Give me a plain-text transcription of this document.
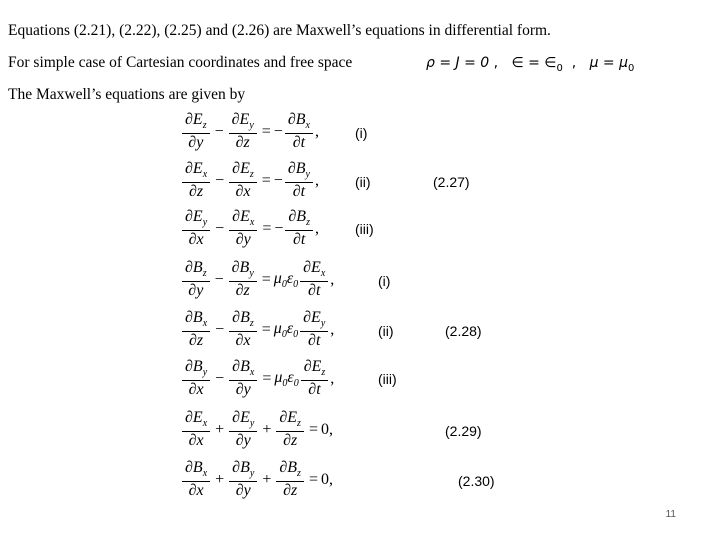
Equations (2.21), (2.22), (2.25) and (2.26) are Maxwell’s equations in differential form.
For simple case of Cartesian coordinates and free space	ρ = J = 0 , ∈ = $\in_0$ , $\mu = \mu_0$
The Maxwell’s equations are given by
$\frac{\partial E_z}{\partial y} - \frac{\partial E_y}{\partial z}$ = − $\frac{\partial B_x}{\partial t}$ ,	(i)
$\frac{\partial E_x}{\partial z} - \frac{\partial E_z}{\partial x}$ = − $\frac{\partial B_y}{\partial t}$ ,	(ii)	(2.27)
$\frac{\partial E_y}{\partial x} - \frac{\partial E_x}{\partial y}$ = − $\frac{\partial B_z}{\partial t}$ ,	(iii)
$\frac{\partial B_z}{\partial y} - \frac{\partial B_y}{\partial z} = \mu_0\varepsilon_0 \frac{\partial E_x}{\partial t}$ ,	(i)
$\frac{\partial B_x}{\partial z} - \frac{\partial B_z}{\partial x} = \mu_0\varepsilon_0 \frac{\partial E_y}{\partial t}$ ,	(ii)	(2.28)
$\frac{\partial B_y}{\partial x} - \frac{\partial B_x}{\partial y} = \mu_0\varepsilon_0 \frac{\partial E_z}{\partial t}$ ,	(iii)
$\frac{\partial E_x}{\partial x} + \frac{\partial E_y}{\partial y} + \frac{\partial E_z}{\partial z} = 0$,	(2.29)
$\frac{\partial B_x}{\partial x} + \frac{\partial B_y}{\partial y} + \frac{\partial B_z}{\partial z} = 0$,	(2.30)
11
